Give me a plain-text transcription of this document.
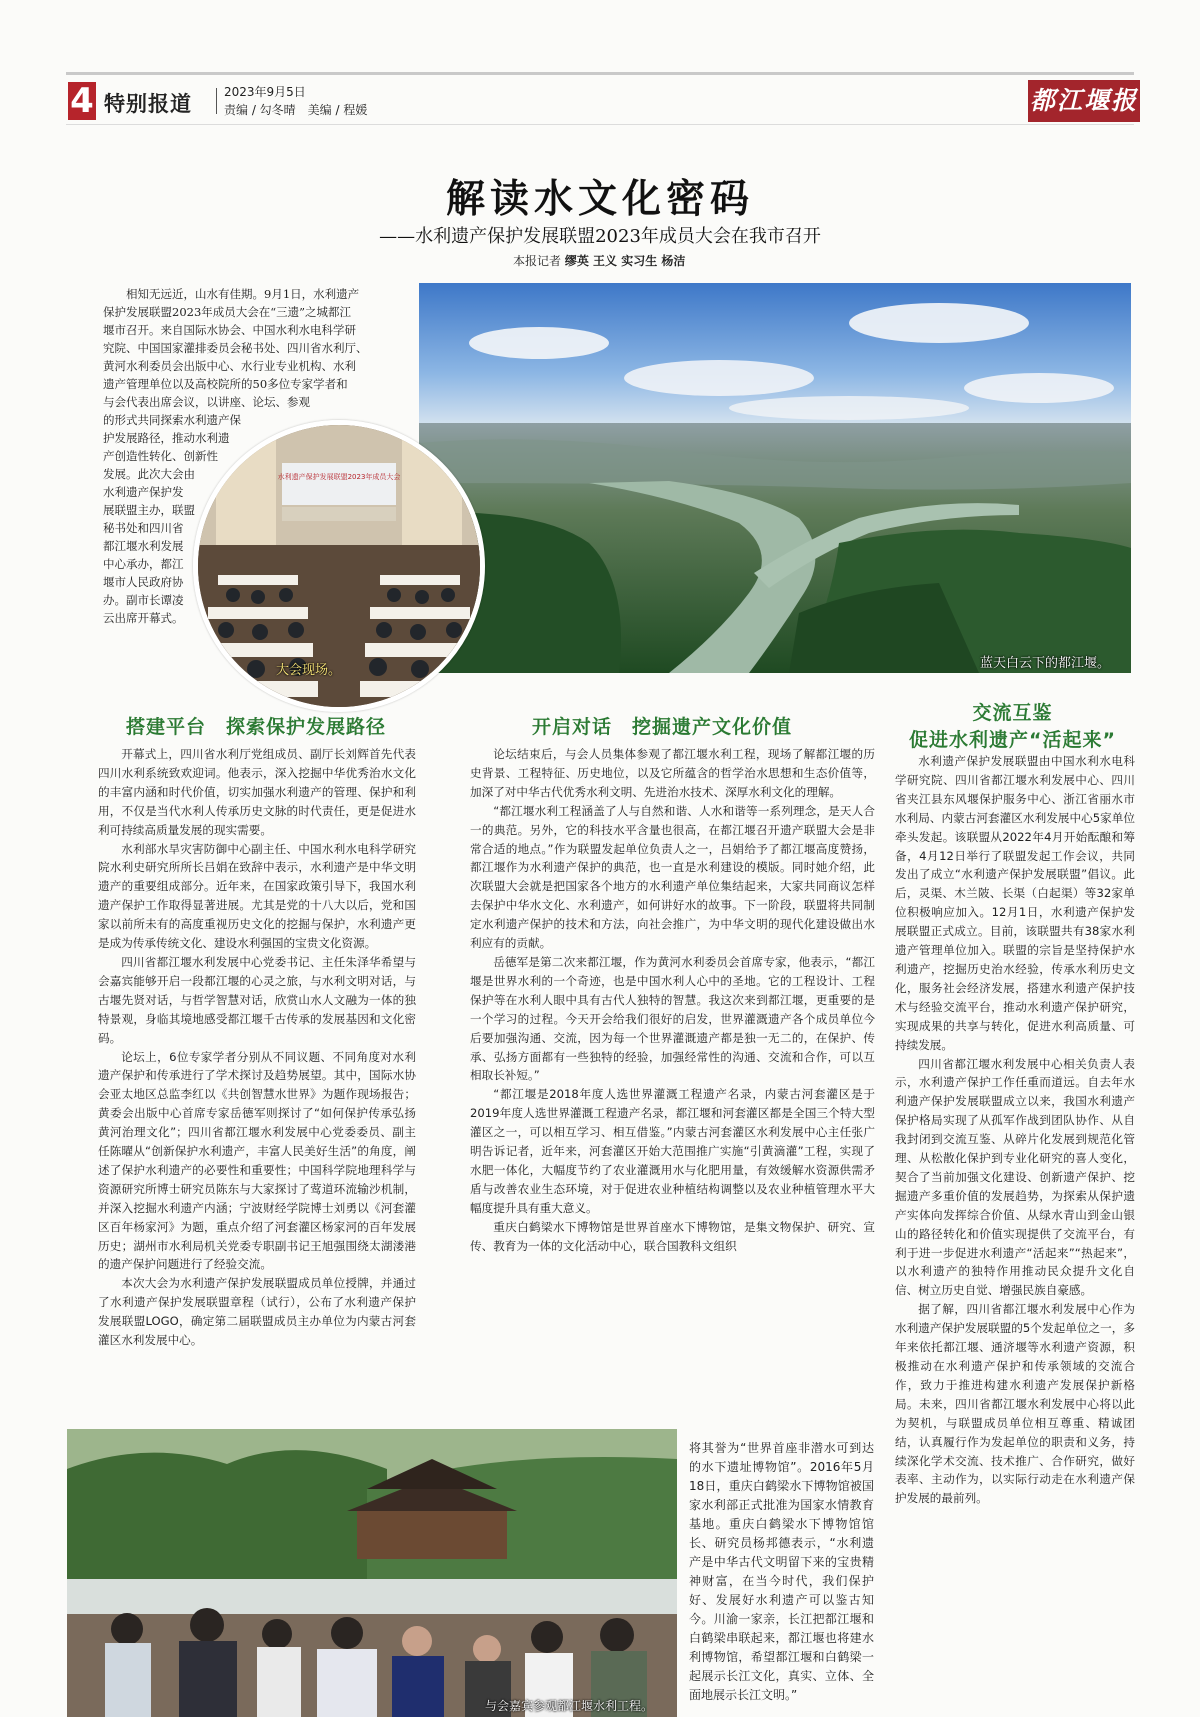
4 特别报道	2023年9月5日
责编 / 勾冬晴　美编 / 程媛	都江堰报
解读水文化密码
——水利遗产保护发展联盟2023年成员大会在我市召开
本报记者 缪英 王义 实习生 杨洁
　　相知无远近，山水有佳期。9月1日，水利遗产
保护发展联盟2023年成员大会在“三遗”之城都江
堰市召开。来自国际水协会、中国水利水电科学研
究院、中国国家灌排委员会秘书处、四川省水利厅、
黄河水利委员会出版中心、水行业专业机构、水利
遗产管理单位以及高校院所的50多位专家学者和
与会代表出席会议，以讲座、论坛、参观
的形式共同探索水利遗产保
护发展路径，推动水利遗
产创造性转化、创新性
发展。此次大会由
水利遗产保护发
展联盟主办，联盟
秘书处和四川省
都江堰水利发展
中心承办，都江
堰市人民政府协
办。副市长谭凌
云出席开幕式。
蓝天白云下的都江堰。
水利遗产保护发展联盟2023年成员大会
大会现场。
搭建平台　探索保护发展路径

开幕式上，四川省水利厅党组成员、副厅长刘辉首先代表四川水利系统致欢迎词。他表示，深入挖掘中华优秀治水文化的丰富内涵和时代价值，切实加强水利遗产的管理、保护和利用，不仅是当代水利人传承历史文脉的时代责任，更是促进水利可持续高质量发展的现实需要。

水利部水旱灾害防御中心副主任、中国水利水电科学研究院水利史研究所所长吕娟在致辞中表示，水利遗产是中华文明遗产的重要组成部分。近年来，在国家政策引导下，我国水利遗产保护工作取得显著进展。尤其是党的十八大以后，党和国家以前所未有的高度重视历史文化的挖掘与保护，水利遗产更是成为传承传统文化、建设水利强国的宝贵文化资源。

四川省都江堰水利发展中心党委书记、主任朱泽华希望与会嘉宾能够开启一段都江堰的心灵之旅，与水利文明对话，与古堰先贤对话，与哲学智慧对话，欣赏山水人文融为一体的独特景观，身临其境地感受都江堰千古传承的发展基因和文化密码。

论坛上，6位专家学者分别从不同议题、不同角度对水利遗产保护和传承进行了学术探讨及趋势展望。其中，国际水协会亚太地区总监李红以《共创智慧水世界》为题作现场报告；黄委会出版中心首席专家岳德军则探讨了“如何保护传承弘扬黄河治理文化”；四川省都江堰水利发展中心党委委员、副主任陈曜从“创新保护水利遗产，丰富人民美好生活”的角度，阐述了保护水利遗产的必要性和重要性；中国科学院地理科学与资源研究所博士研究员陈东与大家探讨了莺道环流输沙机制，并深入挖掘水利遗产内涵；宁波财经学院博士刘勇以《河套灌区百年杨家河》为题，重点介绍了河套灌区杨家河的百年发展历史；湖州市水利局机关党委专职副书记王旭强围绕太湖溇港的遗产保护问题进行了经验交流。

本次大会为水利遗产保护发展联盟成员单位授牌，并通过了水利遗产保护发展联盟章程（试行），公布了水利遗产保护发展联盟LOGO，确定第二届联盟成员主办单位为内蒙古河套灌区水利发展中心。

开启对话　挖掘遗产文化价值

论坛结束后，与会人员集体参观了都江堰水利工程，现场了解都江堰的历史背景、工程特征、历史地位，以及它所蕴含的哲学治水思想和生态价值等，加深了对中华古代优秀水利文明、先进治水技术、深厚水利文化的理解。

“都江堰水利工程涵盖了人与自然和谐、人水和谐等一系列理念，是天人合一的典范。另外，它的科技水平含量也很高，在都江堰召开遗产联盟大会是非常合适的地点。”作为联盟发起单位负责人之一，吕娟给予了都江堰高度赞扬，都江堰作为水利遗产保护的典范，也一直是水利建设的模版。同时她介绍，此次联盟大会就是把国家各个地方的水利遗产单位集结起来，大家共同商议怎样去保护中华水文化、水利遗产，如何讲好水的故事。下一阶段，联盟将共同制定水利遗产保护的技术和方法，向社会推广，为中华文明的现代化建设做出水利应有的贡献。

岳德军是第二次来都江堰，作为黄河水利委员会首席专家，他表示，“都江堰是世界水利的一个奇迹，也是中国水利人心中的圣地。它的工程设计、工程保护等在水利人眼中具有古代人独特的智慧。我这次来到都江堰，更重要的是一个学习的过程。今天开会给我们很好的启发，世界灌溉遗产各个成员单位今后要加强沟通、交流，因为每一个世界灌溉遗产都是独一无二的，在保护、传承、弘扬方面都有一些独特的经验，加强经常性的沟通、交流和合作，可以互相取长补短。”

“都江堰是2018年度人选世界灌溉工程遗产名录，内蒙古河套灌区是于2019年度人选世界灌溉工程遗产名录，都江堰和河套灌区都是全国三个特大型灌区之一，可以相互学习、相互借鉴。”内蒙古河套灌区水利发展中心主任张广明告诉记者，近年来，河套灌区开始大范围推广实施“引黄滴灌”工程，实现了水肥一体化，大幅度节约了农业灌溉用水与化肥用量，有效缓解水资源供需矛盾与改善农业生态环境，对于促进农业种植结构调整以及农业种植管理水平大幅度提升具有重大意义。

重庆白鹤梁水下博物馆是世界首座水下博物馆，是集文物保护、研究、宣传、教育为一体的文化活动中心，联合国教科文组织

交流互鉴
促进水利遗产“活起来”

水利遗产保护发展联盟由中国水利水电科学研究院、四川省都江堰水利发展中心、四川省夹江县东风堰保护服务中心、浙江省丽水市水利局、内蒙古河套灌区水利发展中心5家单位牵头发起。该联盟从2022年4月开始酝酿和筹备，4月12日举行了联盟发起工作会议，共同发出了成立“水利遗产保护发展联盟”倡议。此后，灵渠、木兰陂、长渠（白起渠）等32家单位积极响应加入。12月1日，水利遗产保护发展联盟正式成立。目前，该联盟共有38家水利遗产管理单位加入。联盟的宗旨是坚持保护水利遗产，挖掘历史治水经验，传承水利历史文化，服务社会经济发展，搭建水利遗产保护技术与经验交流平台，推动水利遗产保护研究，实现成果的共享与转化，促进水利高质量、可持续发展。

四川省都江堰水利发展中心相关负责人表示，水利遗产保护工作任重而道远。自去年水利遗产保护发展联盟成立以来，我国水利遗产保护格局实现了从孤军作战到团队协作、从自我封闭到交流互鉴、从碎片化发展到规范化管理、从松散化保护到专业化研究的喜人变化，契合了当前加强文化建设、创新遗产保护、挖掘遗产多重价值的发展趋势，为探索从保护遗产实体向发挥综合价值、从绿水青山到金山银山的路径转化和价值实现提供了交流平台，有利于进一步促进水利遗产“活起来”“热起来”，以水利遗产的独特作用推动民众提升文化自信、树立历史自觉、增强民族自豪感。

据了解，四川省都江堰水利发展中心作为水利遗产保护发展联盟的5个发起单位之一，多年来依托都江堰、通济堰等水利遗产资源，积极推动在水利遗产保护和传承领域的交流合作，致力于推进构建水利遗产发展保护新格局。未来，四川省都江堰水利发展中心将以此为契机，与联盟成员单位相互尊重、精诚团结，认真履行作为发起单位的职责和义务，持续深化学术交流、技术推广、合作研究，做好表率、主动作为，以实际行动走在水利遗产保护发展的最前列。

与会嘉宾参观都江堰水利工程。

将其誉为“世界首座非潜水可到达的水下遗址博物馆”。2016年5月18日，重庆白鹤梁水下博物馆被国家水利部正式批准为国家水情教育基地。重庆白鹤梁水下博物馆馆长、研究员杨邦德表示，“水利遗产是中华古代文明留下来的宝贵精神财富，在当今时代，我们保护好、发展好水利遗产可以鉴古知今。川渝一家亲，长江把都江堰和白鹤梁串联起来，都江堰也将建水利博物馆，希望都江堰和白鹤梁一起展示长江文化，真实、立体、全面地展示长江文明。”
